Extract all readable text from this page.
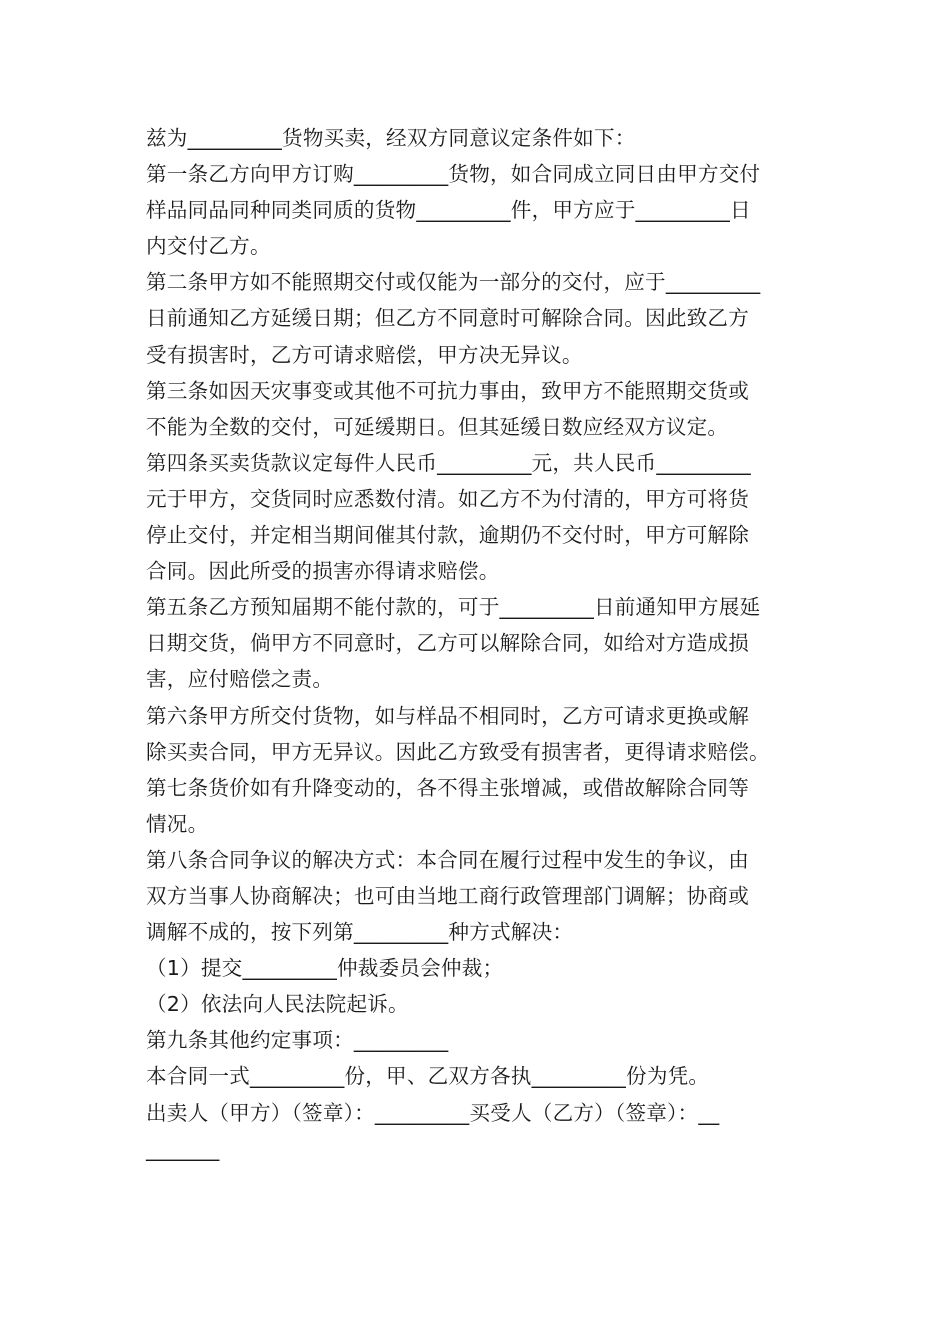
兹为_________货物买卖，经双方同意议定条件如下：
第一条乙方向甲方订购_________货物，如合同成立同日由甲方交付
样品同品同种同类同质的货物_________件，甲方应于_________日
内交付乙方。
第二条甲方如不能照期交付或仅能为一部分的交付，应于_________
日前通知乙方延缓日期；但乙方不同意时可解除合同。因此致乙方
受有损害时，乙方可请求赔偿，甲方决无异议。
第三条如因天灾事变或其他不可抗力事由，致甲方不能照期交货或
不能为全数的交付，可延缓期日。但其延缓日数应经双方议定。
第四条买卖货款议定每件人民币_________元，共人民币_________
元于甲方，交货同时应悉数付清。如乙方不为付清的，甲方可将货
停止交付，并定相当期间催其付款，逾期仍不交付时，甲方可解除
合同。因此所受的损害亦得请求赔偿。
第五条乙方预知届期不能付款的，可于_________日前通知甲方展延
日期交货，倘甲方不同意时，乙方可以解除合同，如给对方造成损
害，应付赔偿之责。
第六条甲方所交付货物，如与样品不相同时，乙方可请求更换或解
除买卖合同，甲方无异议。因此乙方致受有损害者，更得请求赔偿。
第七条货价如有升降变动的，各不得主张增减，或借故解除合同等
情况。
第八条合同争议的解决方式：本合同在履行过程中发生的争议，由
双方当事人协商解决；也可由当地工商行政管理部门调解；协商或
调解不成的，按下列第_________种方式解决：
（1）提交_________仲裁委员会仲裁；
（2）依法向人民法院起诉。
第九条其他约定事项：_________
本合同一式_________份，甲、乙双方各执_________份为凭。
出卖人（甲方）（签章）：_________买受人（乙方）（签章）：__
_______
